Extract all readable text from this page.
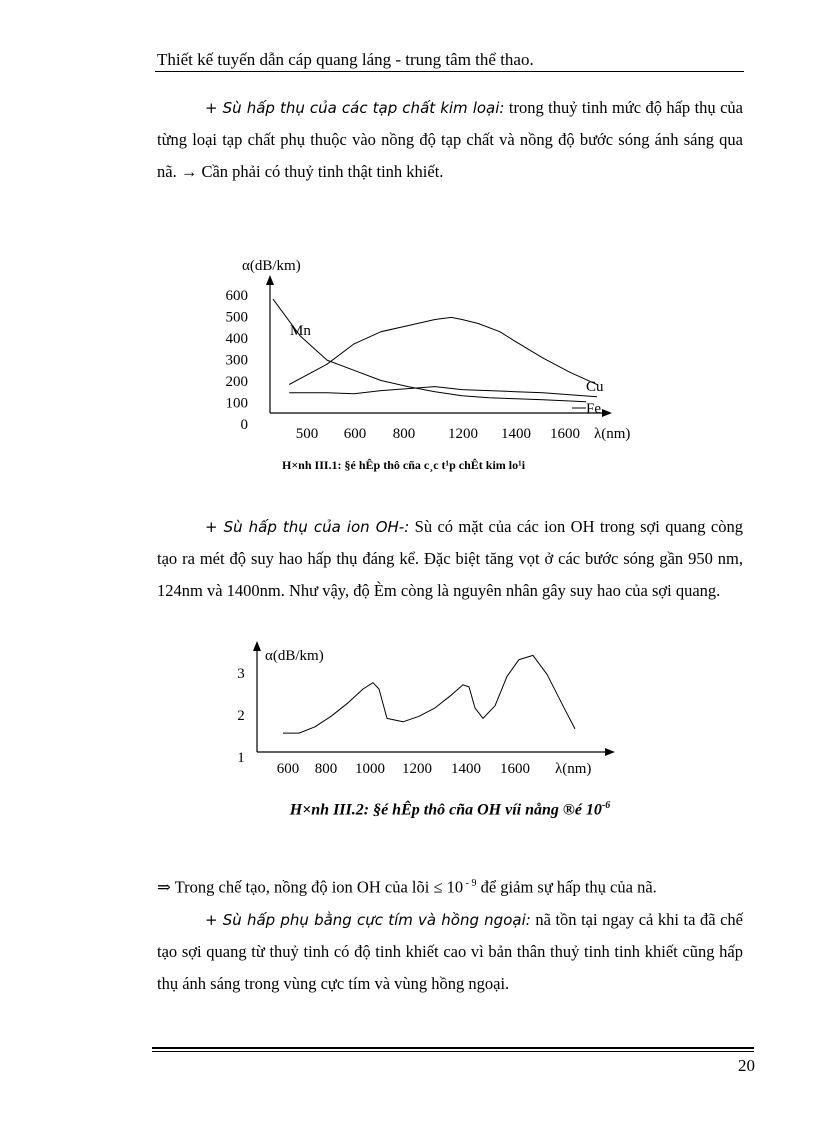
Thiết kế tuyến dẫn cáp quang láng - trung tâm thể thao.

+ Sù hấp thụ của các tạp chất kim loại: trong thuỷ tinh mức độ hấp thụ của từng loại tạp chất phụ thuộc vào nồng độ tạp chất và nồng độ bước sóng ánh sáng qua nã. → Cần phải có thuỷ tinh thật tinh khiết.

α(dB/km)
600
500
400
300
200
100
0
500 600 800 1200 1400 1600
Mn
Cu
Fe
λ(nm)
H×nh III.1: §é hÊp thô cña c¸c t¹p chÊt kim lo¹i

+ Sù hấp thụ của ion OH-: Sù có mặt của các ion OH trong sợi quang còng tạo ra mét độ suy hao hấp thụ đáng kể. Đặc biệt tăng vọt ở các bước sóng gần 950 nm, 124nm và 1400nm. Như vậy, độ Èm còng là nguyên nhân gây suy hao của sợi quang.

α(dB/km)
3
2
1
600 800 1000 1200 1400 1600 λ(nm)
H×nh III.2: §é hÊp thô cña OH víi nång ®é $10^{-6}$

⇒ Trong chế tạo, nồng độ ion OH của lõi ≤ 10 $^{- 9}$ để giảm sự hấp thụ của nã.

+ Sù hấp phụ bằng cực tím và hồng ngoại: nã tồn tại ngay cả khi ta đã chế tạo sợi quang từ thuỷ tinh có độ tinh khiết cao vì bản thân thuỷ tinh tinh khiết cũng hấp thụ ánh sáng trong vùng cực tím và vùng hồng ngoại.

20
